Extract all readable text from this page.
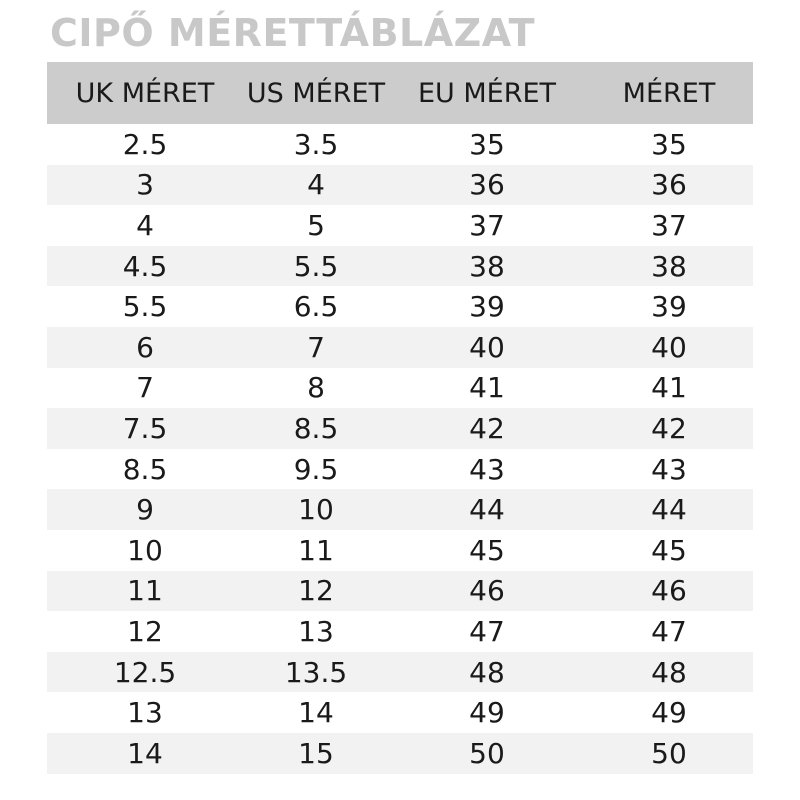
CIPŐ MÉRETTÁBLÁZAT
UK MÉRET	US MÉRET	EU MÉRET	MÉRET
2.5	3.5	35	35
3	4	36	36
4	5	37	37
4.5	5.5	38	38
5.5	6.5	39	39
6	7	40	40
7	8	41	41
7.5	8.5	42	42
8.5	9.5	43	43
9	10	44	44
10	11	45	45
11	12	46	46
12	13	47	47
12.5	13.5	48	48
13	14	49	49
14	15	50	50
